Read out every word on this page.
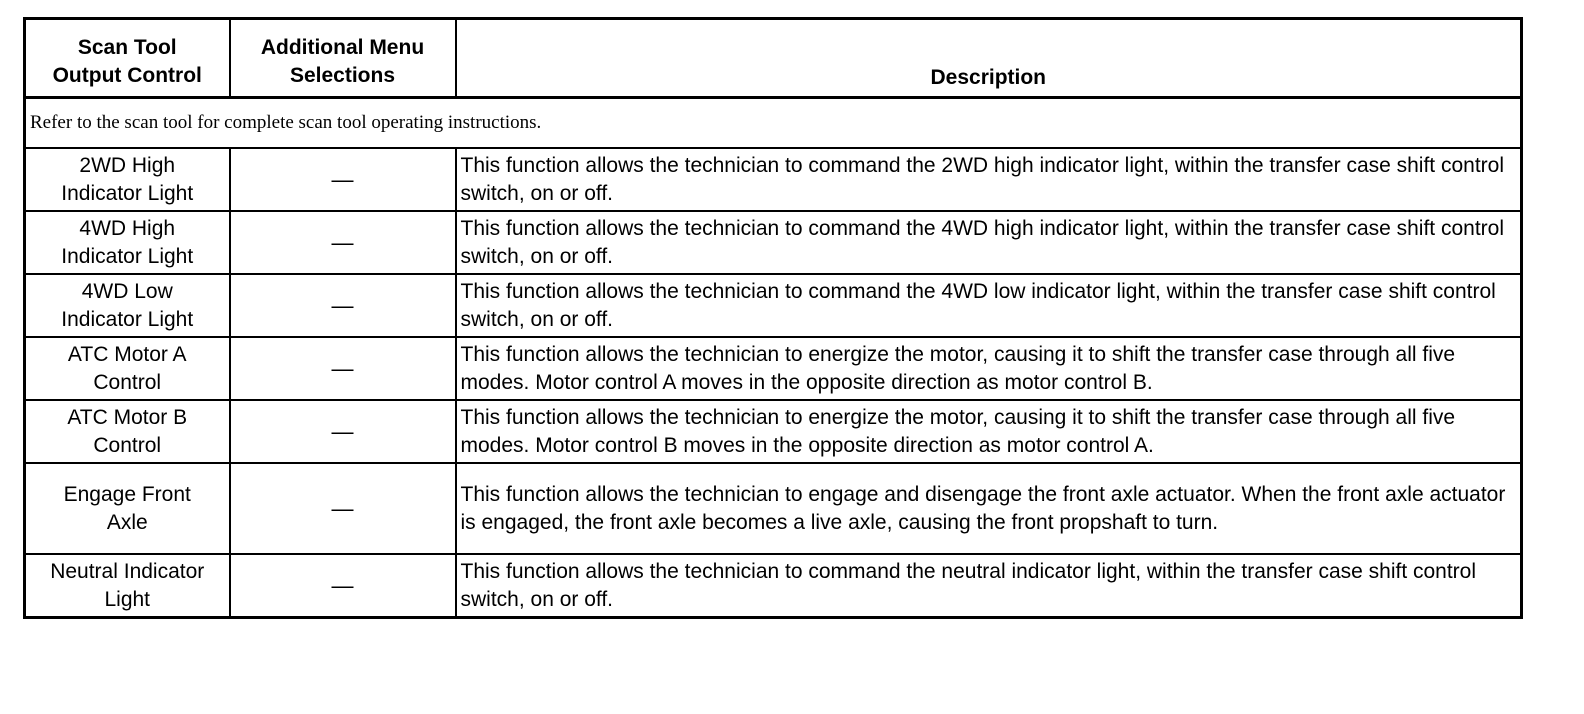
Scan Tool
Output Control	Additional Menu
Selections	Description
Refer to the scan tool for complete scan tool operating instructions.		
2WD High
Indicator Light	—	This function allows the technician to command the 2WD high indicator light, within the transfer case shift control switch, on or off.
4WD High
Indicator Light	—	This function allows the technician to command the 4WD high indicator light, within the transfer case shift control switch, on or off.
4WD Low
Indicator Light	—	This function allows the technician to command the 4WD low indicator light, within the transfer case shift control switch, on or off.
ATC Motor A
Control	—	This function allows the technician to energize the motor, causing it to shift the transfer case through all five modes. Motor control A moves in the opposite direction as motor control B.
ATC Motor B
Control	—	This function allows the technician to energize the motor, causing it to shift the transfer case through all five modes. Motor control B moves in the opposite direction as motor control A.
Engage Front
Axle	—	This function allows the technician to engage and disengage the front axle actuator. When the front axle actuator is engaged, the front axle becomes a live axle, causing the front propshaft to turn.
Neutral Indicator
Light	—	This function allows the technician to command the neutral indicator light, within the transfer case shift control switch, on or off.
